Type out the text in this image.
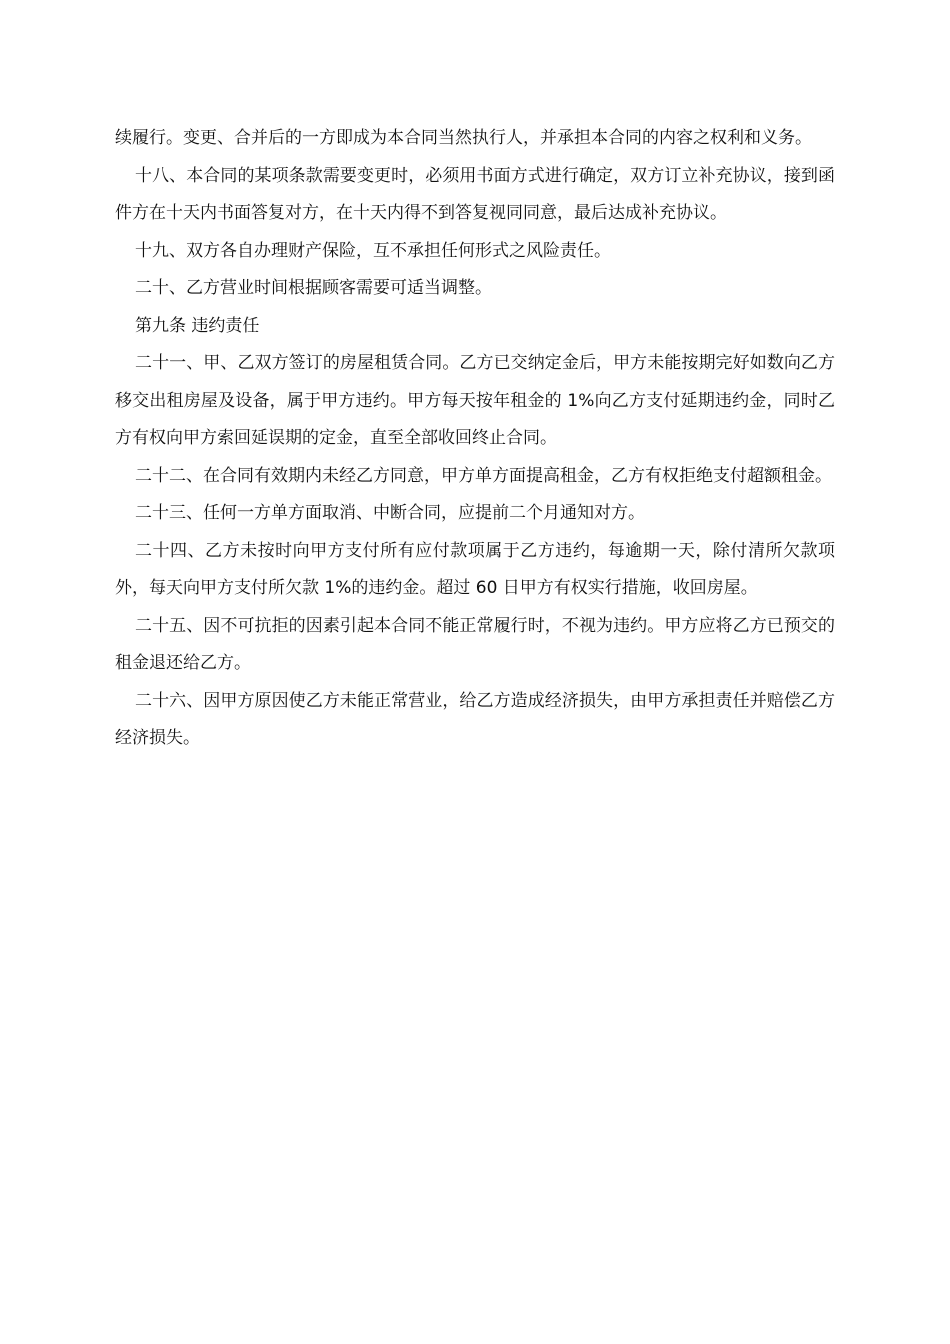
续履行。变更、合并后的一方即成为本合同当然执行人，并承担本合同的内容之权利和义务。

十八、本合同的某项条款需要变更时，必须用书面方式进行确定，双方订立补充协议，接到函件方在十天内书面答复对方，在十天内得不到答复视同同意，最后达成补充协议。

十九、双方各自办理财产保险，互不承担任何形式之风险责任。

二十、乙方营业时间根据顾客需要可适当调整。

第九条 违约责任

二十一、甲、乙双方签订的房屋租赁合同。乙方已交纳定金后，甲方未能按期完好如数向乙方移交出租房屋及设备，属于甲方违约。甲方每天按年租金的 1%向乙方支付延期违约金，同时乙方有权向甲方索回延误期的定金，直至全部收回终止合同。

二十二、在合同有效期内未经乙方同意，甲方单方面提高租金，乙方有权拒绝支付超额租金。

二十三、任何一方单方面取消、中断合同，应提前二个月通知对方。

二十四、乙方未按时向甲方支付所有应付款项属于乙方违约，每逾期一天，除付清所欠款项外，每天向甲方支付所欠款 1%的违约金。超过 60 日甲方有权实行措施，收回房屋。

二十五、因不可抗拒的因素引起本合同不能正常履行时，不视为违约。甲方应将乙方已预交的租金退还给乙方。

二十六、因甲方原因使乙方未能正常营业，给乙方造成经济损失，由甲方承担责任并赔偿乙方经济损失。
